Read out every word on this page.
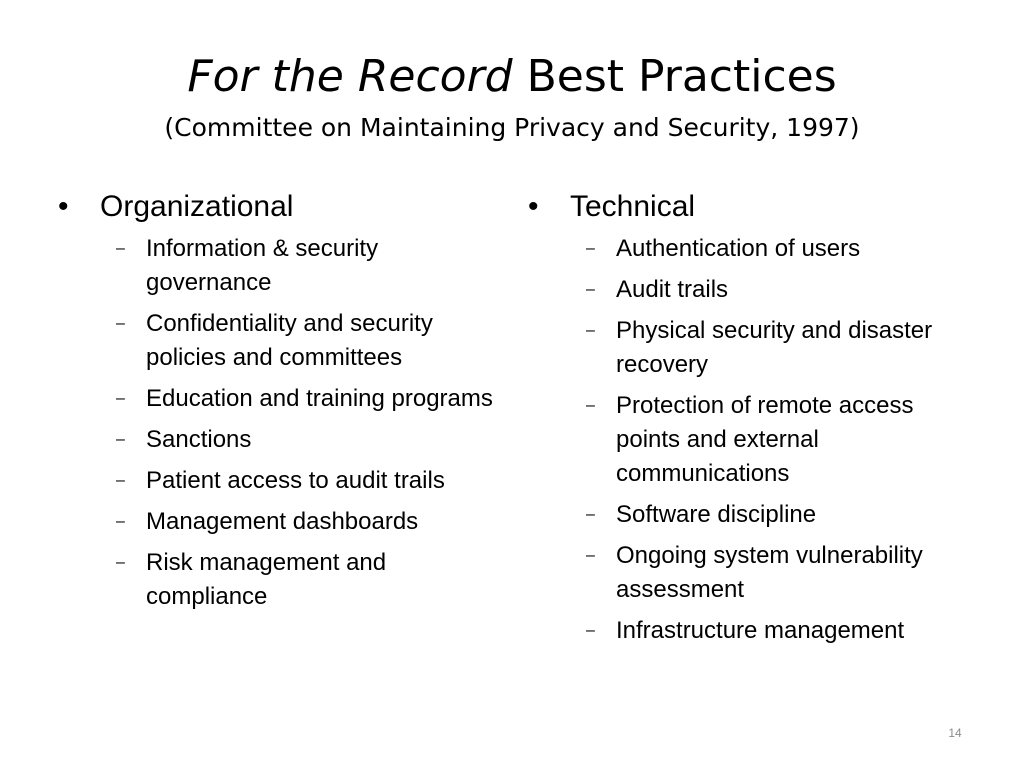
For the Record Best Practices
(Committee on Maintaining Privacy and Security, 1997)
•	Organizational
– Information & security governance
– Confidentiality and security policies and committees
– Education and training programs
– Sanctions
– Patient access to audit trails
– Management dashboards
– Risk management and compliance
•	Technical
– Authentication of users
– Audit trails
– Physical security and disaster recovery
– Protection of remote access points and external communications
– Software discipline
– Ongoing system vulnerability assessment
– Infrastructure management
14
